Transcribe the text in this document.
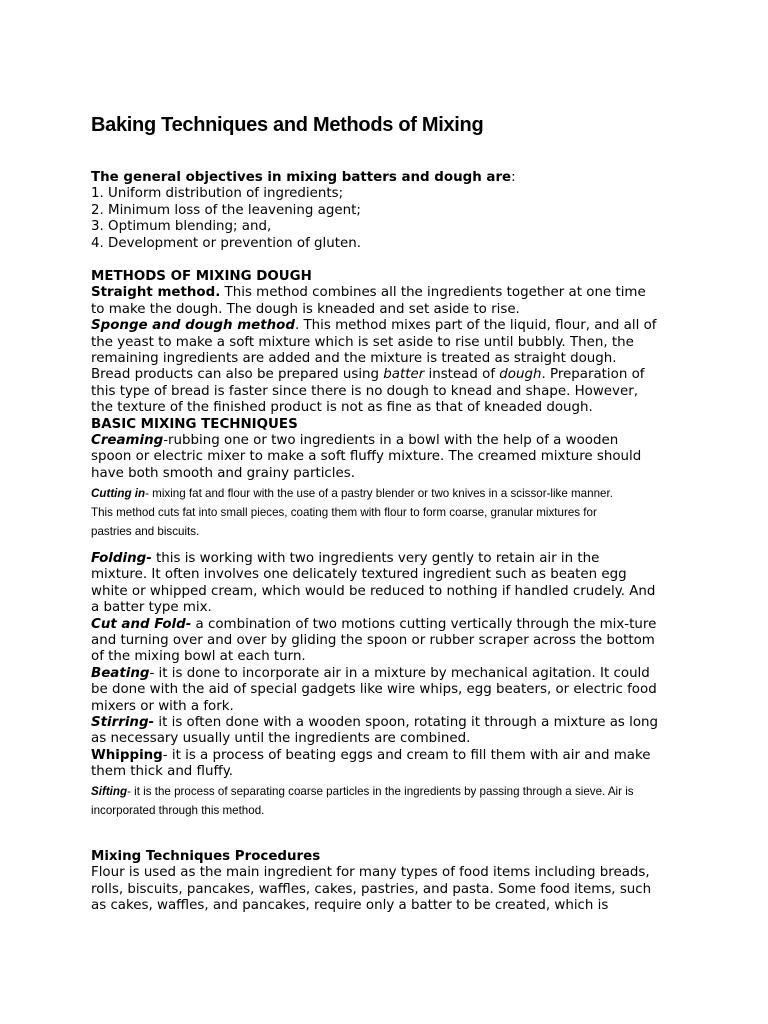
Baking Techniques and Methods of Mixing
The general objectives in mixing batters and dough are:
1. Uniform distribution of ingredients;
2. Minimum loss of the leavening agent;
3. Optimum blending; and,
4. Development or prevention of gluten.
METHODS OF MIXING DOUGH
Straight method. This method combines all the ingredients together at one time
to make the dough. The dough is kneaded and set aside to rise.
Sponge and dough method. This method mixes part of the liquid, flour, and all of
the yeast to make a soft mixture which is set aside to rise until bubbly. Then, the
remaining ingredients are added and the mixture is treated as straight dough.
Bread products can also be prepared using batter instead of dough. Preparation of
this type of bread is faster since there is no dough to knead and shape. However,
the texture of the finished product is not as fine as that of kneaded dough.
BASIC MIXING TECHNIQUES
Creaming-rubbing one or two ingredients in a bowl with the help of a wooden
spoon or electric mixer to make a soft fluffy mixture. The creamed mixture should
have both smooth and grainy particles.
Cutting in- mixing fat and flour with the use of a pastry blender or two knives in a scissor-like manner.
This method cuts fat into small pieces, coating them with flour to form coarse, granular mixtures for
pastries and biscuits.
Folding- this is working with two ingredients very gently to retain air in the
mixture. It often involves one delicately textured ingredient such as beaten egg
white or whipped cream, which would be reduced to nothing if handled crudely. And
a batter type mix.
Cut and Fold- a combination of two motions cutting vertically through the mix-ture
and turning over and over by gliding the spoon or rubber scraper across the bottom
of the mixing bowl at each turn.
Beating- it is done to incorporate air in a mixture by mechanical agitation. It could
be done with the aid of special gadgets like wire whips, egg beaters, or electric food
mixers or with a fork.
Stirring- it is often done with a wooden spoon, rotating it through a mixture as long
as necessary usually until the ingredients are combined.
Whipping- it is a process of beating eggs and cream to fill them with air and make
them thick and fluffy.
Sifting- it is the process of separating coarse particles in the ingredients by passing through a sieve. Air is
incorporated through this method.
Mixing Techniques Procedures
Flour is used as the main ingredient for many types of food items including breads,
rolls, biscuits, pancakes, waffles, cakes, pastries, and pasta. Some food items, such
as cakes, waffles, and pancakes, require only a batter to be created, which is
